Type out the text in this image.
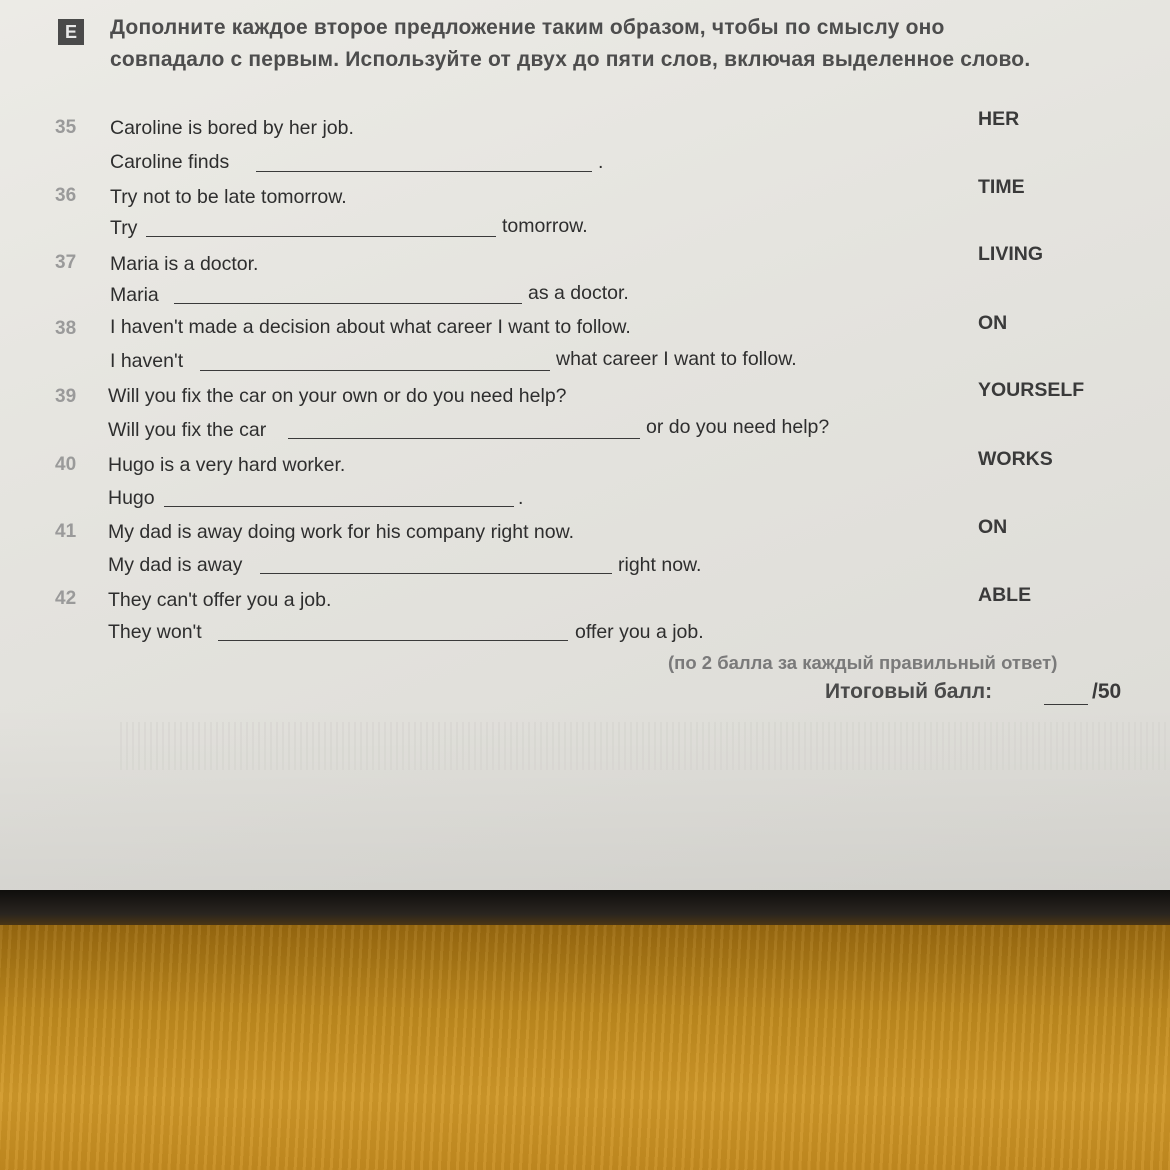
E	Дополните каждое второе предложение таким образом, чтобы по смыслу оно
совпадало с первым. Используйте от двух до пяти слов, включая выделенное слово.
35 Caroline is bored by her job.	HER
Caroline finds	.
36 Try not to be late tomorrow.	TIME
Try	tomorrow.
37 Maria is a doctor.	LIVING
Maria	as a doctor.
38 I haven't made a decision about what career I want to follow.	ON
I haven't	what career I want to follow.
39 Will you fix the car on your own or do you need help?	YOURSELF
Will you fix the car	or do you need help?
40 Hugo is a very hard worker.	WORKS
Hugo	.
41 My dad is away doing work for his company right now.	ON
My dad is away	right now.
42 They can't offer you a job.	ABLE
They won't	offer you a job.
(по 2 балла за каждый правильный ответ)
Итоговый балл:	/50
